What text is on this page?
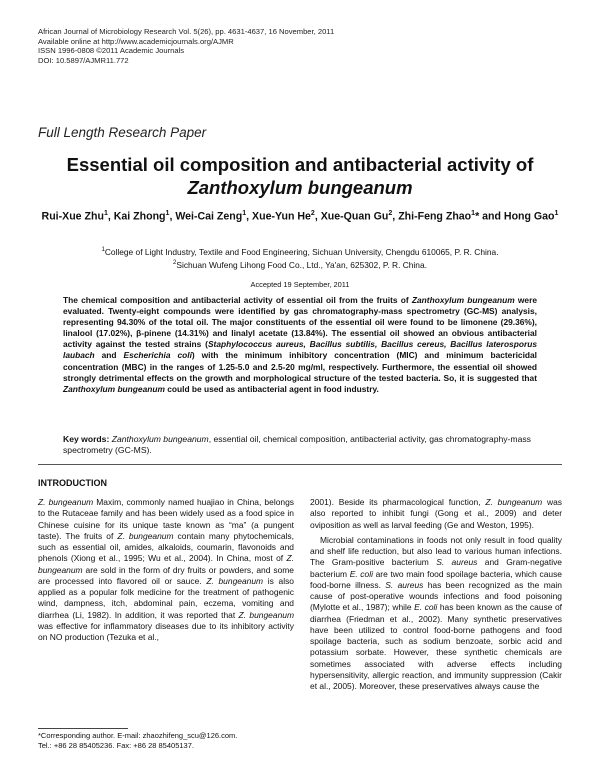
African Journal of Microbiology Research Vol. 5(26), pp. 4631-4637, 16 November, 2011
Available online at http://www.academicjournals.org/AJMR
ISSN 1996-0808 ©2011 Academic Journals
DOI: 10.5897/AJMR11.772
Full Length Research Paper
Essential oil composition and antibacterial activity of
Zanthoxylum bungeanum
Rui-Xue Zhu$^1$, Kai Zhong$^1$, Wei-Cai Zeng$^1$, Xue-Yun He$^2$, Xue-Quan Gu$^2$, Zhi-Feng Zhao$^1$* and Hong Gao$^1$
$^1$College of Light Industry, Textile and Food Engineering, Sichuan University, Chengdu 610065, P. R. China.
$^2$Sichuan Wufeng Lihong Food Co., Ltd., Ya'an, 625302, P. R. China.
Accepted 19 September, 2011
The chemical composition and antibacterial activity of essential oil from the fruits of Zanthoxylum bungeanum were evaluated. Twenty-eight compounds were identified by gas chromatography-mass spectrometry (GC-MS) analysis, representing 94.30% of the total oil. The major constituents of the essential oil were found to be limonene (29.36%), linalool (17.02%), β-pinene (14.31%) and linalyl acetate (13.84%). The essential oil showed an obvious antibacterial activity against the tested strains (Staphylococcus aureus, Bacillus subtilis, Bacillus cereus, Bacillus laterosporus laubach and Escherichia coli) with the minimum inhibitory concentration (MIC) and minimum bactericidal concentration (MBC) in the ranges of 1.25-5.0 and 2.5-20 mg/ml, respectively. Furthermore, the essential oil showed strongly detrimental effects on the growth and morphological structure of the tested bacteria. So, it is suggested that Zanthoxylum bungeanum could be used as antibacterial agent in food industry.
Key words: Zanthoxylum bungeanum, essential oil, chemical composition, antibacterial activity, gas chromatography-mass spectrometry (GC-MS).
INTRODUCTION

Z. bungeanum Maxim, commonly named huajiao in China, belongs to the Rutaceae family and has been widely used as a food spice in Chinese cuisine for its unique taste known as “ma” (a pungent taste). The fruits of Z. bungeanum contain many phytochemicals, such as essential oil, amides, alkaloids, coumarin, flavonoids and phenols (Xiong et al., 1995; Wu et al., 2004). In China, most of Z. bungeanum are sold in the form of dry fruits or powders, and some are processed into flavored oil or sauce. Z. bungeanum is also applied as a popular folk medicine for the treatment of pathogenic wind, dampness, itch, abdominal pain, eczema, vomiting and diarrhea (Li, 1982). In addition, it was reported that Z. bungeanum was effective for inflammatory diseases due to its inhibitory activity on NO production (Tezuka et al.,

2001). Beside its pharmacological function, Z. bungeanum was also reported to inhibit fungi (Gong et al., 2009) and deter oviposition as well as larval feeding (Ge and Weston, 1995).

Microbial contaminations in foods not only result in food quality and shelf life reduction, but also lead to various human infections. The Gram-positive bacterium S. aureus and Gram-negative bacterium E. coli are two main food spoilage bacteria, which cause food-borne illness. S. aureus has been recognized as the main cause of post-operative wounds infections and food poisoning (Mylotte et al., 1987); while E. coli has been known as the cause of diarrhea (Friedman et al., 2002). Many synthetic preservatives have been utilized to control food-borne pathogens and food spoilage bacteria, such as sodium benzoate, sorbic acid and potassium sorbate. However, these synthetic chemicals are sometimes associated with adverse effects including hypersensitivity, allergic reaction, and immunity suppression (Cakir et al., 2005). Moreover, these preservatives always cause the

*Corresponding author. E-mail: zhaozhifeng_scu@126.com.
Tel.: +86 28 85405236. Fax: +86 28 85405137.
